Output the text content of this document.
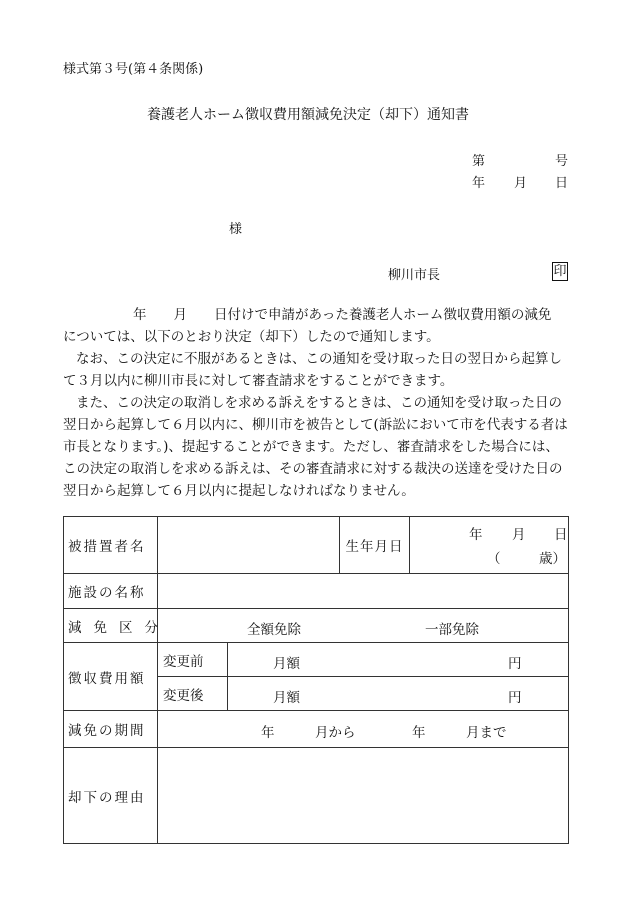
様式第３号(第４条関係)
養護老人ホーム徴収費用額減免決定（却下）通知書
第	号
年 月 日
様
柳川市長	印

年　　月　　日付けで申請があった養護老人ホーム徴収費用額の減免

については、以下のとおり決定（却下）したので通知します。

なお、この決定に不服があるときは、この通知を受け取った日の翌日から起算して３月以内に柳川市長に対して審査請求をすることができます。

また、この決定の取消しを求める訴えをするときは、この通知を受け取った日の翌日から起算して６月以内に、柳川市を被告として(訴訟において市を代表する者は市長となります。)、提起することができます。ただし、審査請求をした場合には、この決定の取消しを求める訴えは、その審査請求に対する裁決の送達を受けた日の翌日から起算して６月以内に提起しなければなりません。

被措置者名			生年月日	年 月 日
（ 歳）

施設の名称				
減免区分	全額免除 一部免除			

徴収費用額	変更前	月額 円		

	変更後	月額 円		

減免の期間	年 月から 年 月まで			

却下の理由				
